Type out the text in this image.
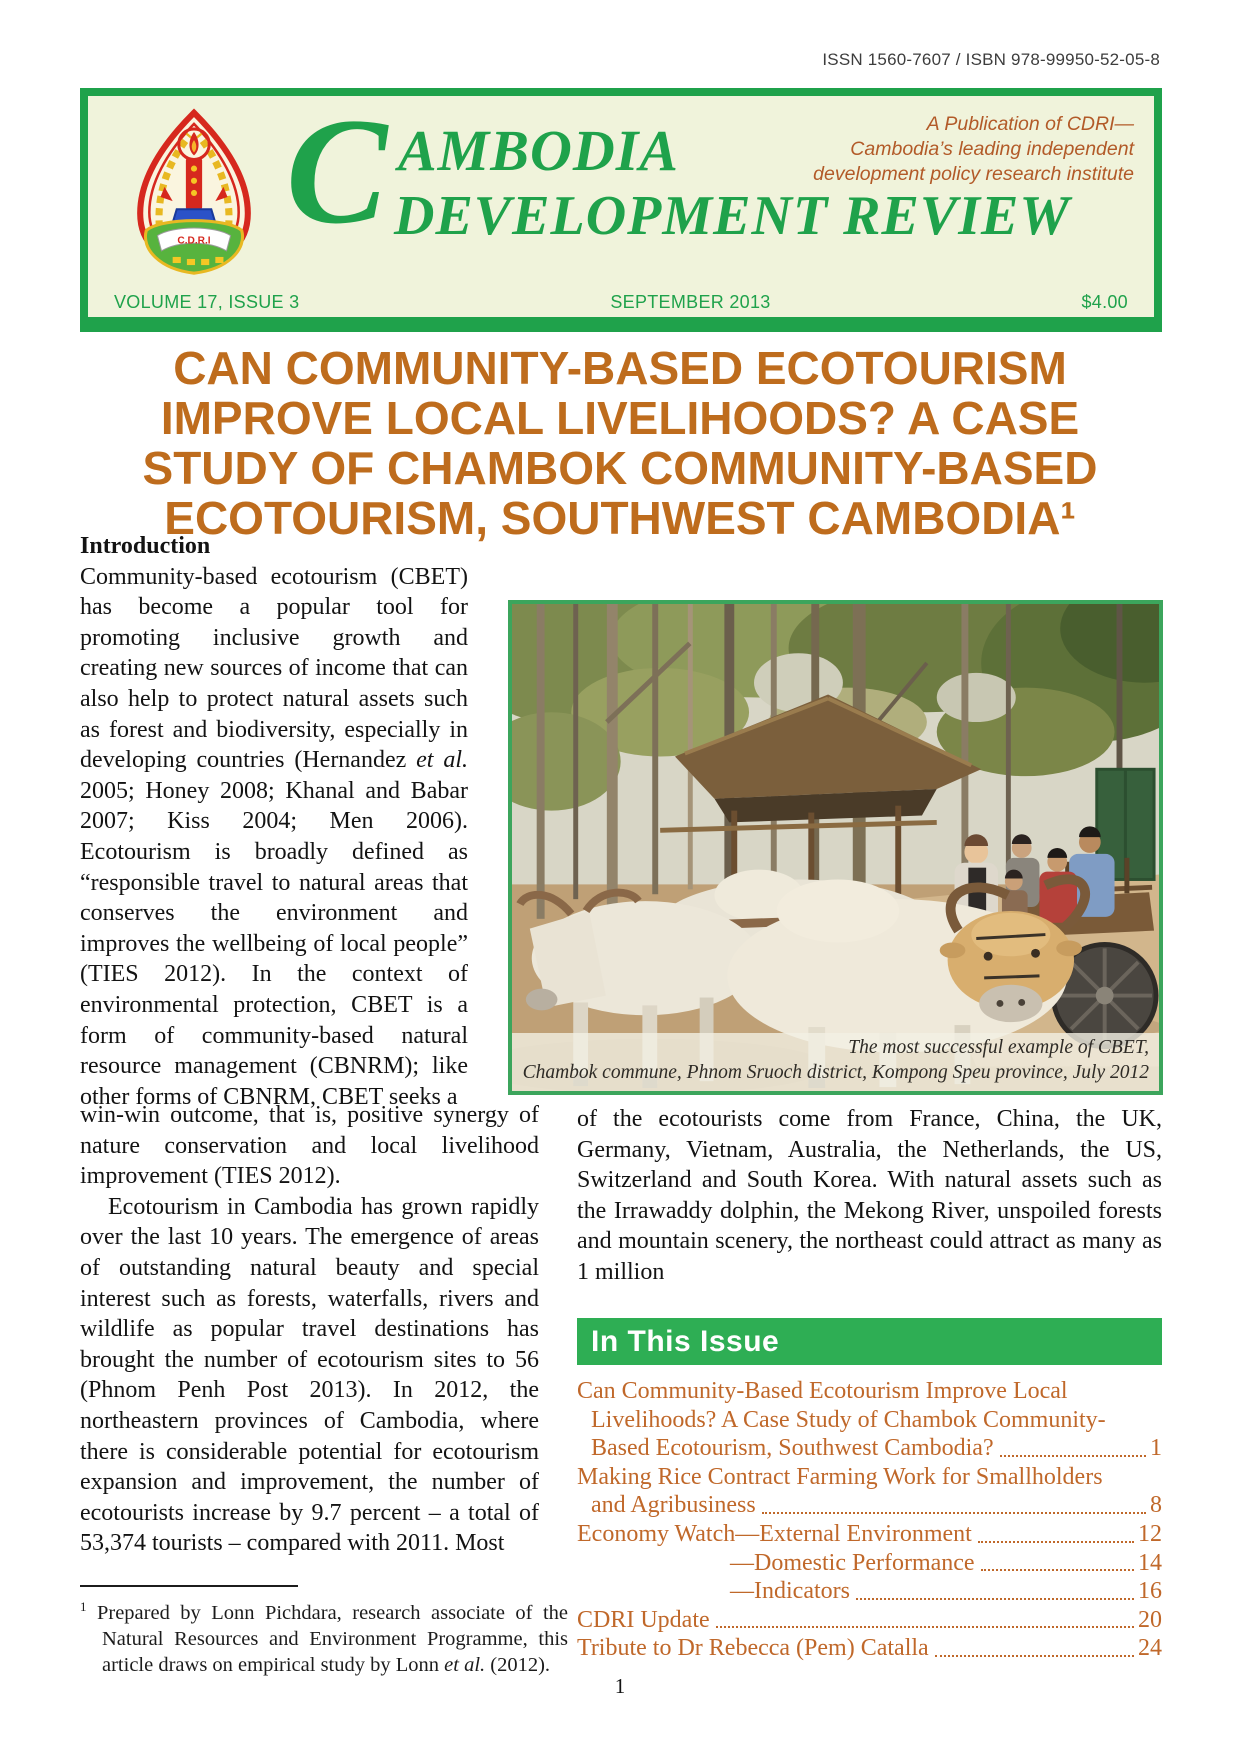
ISSN 1560-7607 / ISBN 978-99950-52-05-8
C.D.R.I C AMBODIA
DEVELOPMENT REVIEW
A Publication of CDRI—
Cambodia’s leading independent
development policy research institute
VOLUME 17, ISSUE 3	SEPTEMBER 2013	$4.00
CAN COMMUNITY-BASED ECOTOURISM
IMPROVE LOCAL LIVELIHOODS? A CASE
STUDY OF CHAMBOK COMMUNITY-BASED
ECOTOURISM, SOUTHWEST CAMBODIA¹
Introduction
Community-based ecotourism (CBET) has become a popular tool for promoting inclusive growth and creating new sources of income that can also help to protect natural assets such as forest and biodiversity, especially in developing countries (Hernandez et al. 2005; Honey 2008; Khanal and Babar 2007; Kiss 2004; Men 2006). Ecotourism is broadly defined as “responsible travel to natural areas that conserves the environment and improves the wellbeing of local people” (TIES 2012). In the context of environmental protection, CBET is a form of community-based natural resource management (CBNRM); like other forms of CBNRM, CBET seeks a
The most successful example of CBET,
Chambok commune, Phnom Sruoch district, Kompong Speu province, July 2012
win-win outcome, that is, positive synergy of nature conservation and local livelihood improvement (TIES 2012).
Ecotourism in Cambodia has grown rapidly over the last 10 years. The emergence of areas of outstanding natural beauty and special interest such as forests, waterfalls, rivers and wildlife as popular travel destinations has brought the number of ecotourism sites to 56 (Phnom Penh Post 2013). In 2012, the northeastern provinces of Cambodia, where there is considerable potential for ecotourism expansion and improvement, the number of ecotourists increase by 9.7 percent – a total of 53,374 tourists – compared with 2011. Most
of the ecotourists come from France, China, the UK, Germany, Vietnam, Australia, the Netherlands, the US, Switzerland and South Korea. With natural assets such as the Irrawaddy dolphin, the Mekong River, unspoiled forests and mountain scenery, the northeast could attract as many as 1 million
In This Issue
Can Community-Based Ecotourism Improve Local
Livelihoods? A Case Study of Chambok Community-
Based Ecotourism, Southwest Cambodia?	1
Making Rice Contract Farming Work for Smallholders
and Agribusiness	8
Economy Watch—External Environment	12
—Domestic Performance	14
—Indicators	16
CDRI Update	20
Tribute to Dr Rebecca (Pem) Catalla	24
$^1$ Prepared by Lonn Pichdara, research associate of the Natural Resources and Environment Programme, this article draws on empirical study by Lonn et al. (2012).
1
